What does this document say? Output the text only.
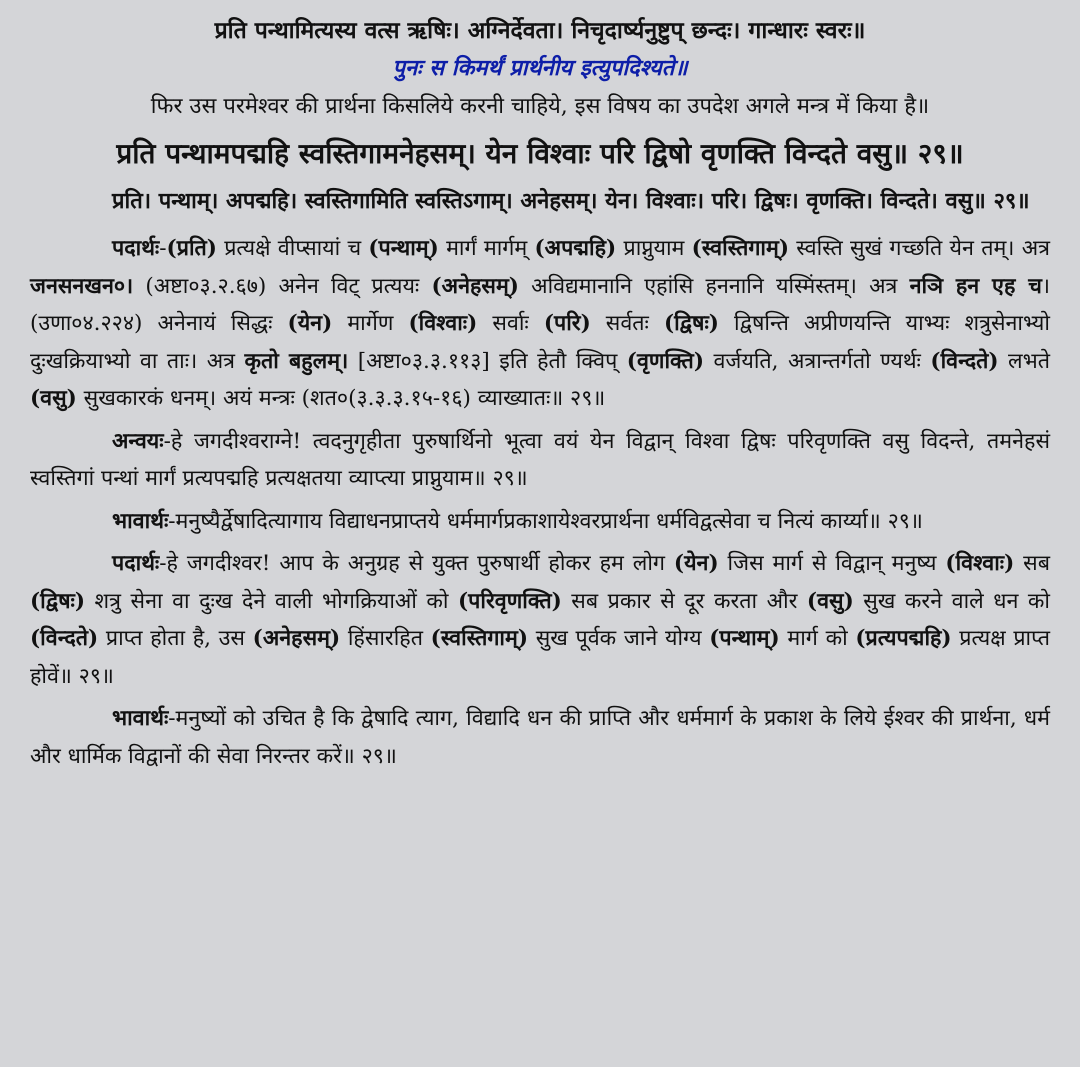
प्रति पन्थामित्यस्य वत्स ऋषिः। अग्निर्देवता। निचृदार्ष्यनुष्टुप् छन्दः। गान्धारः स्वरः॥

पुनः स किमर्थं प्रार्थनीय इत्युपदिश्यते॥

फिर उस परमेश्वर की प्रार्थना किसलिये करनी चाहिये, इस विषय का उपदेश अगले मन्त्र में किया है॥

प्रति पन्थामपद्महि स्वस्तिगामनेहसम्। येन विश्वाः परि द्विषो वृणक्ति विन्दते वसु॥ २९॥

प्रति। पन्थाम्। अपद्महि। स्वस्तिगामिति स्वस्तिऽगाम्। अनेहसम्। येन। विश्वाः। परि। द्विषः। वृणक्ति। विन्दते। वसु॥ २९॥

पदार्थः-(प्रति) प्रत्यक्षे वीप्सायां च (पन्थाम्) मार्गं मार्गम् (अपद्महि) प्राप्नुयाम (स्वस्तिगाम्) स्वस्ति सुखं गच्छति येन तम्। अत्र जनसनखन०। (अष्टा०३.२.६७) अनेन विट् प्रत्ययः (अनेहसम्) अविद्यमानानि एहांसि हननानि यस्मिंस्तम्। अत्र नञि हन एह च। (उणा०४.२२४) अनेनायं सिद्धः (येन) मार्गेण (विश्वाः) सर्वाः (परि) सर्वतः (द्विषः) द्विषन्ति अप्रीणयन्ति याभ्यः शत्रुसेनाभ्यो दुःखक्रियाभ्यो वा ताः। अत्र कृतो बहुलम्। [अष्टा०३.३.११३] इति हेतौ क्विप् (वृणक्ति) वर्जयति, अत्रान्तर्गतो ण्यर्थः (विन्दते) लभते (वसु) सुखकारकं धनम्। अयं मन्त्रः (शत०(३.३.३.१५-१६) व्याख्यातः॥ २९॥

अन्वयः-हे जगदीश्वराग्ने! त्वदनुगृहीता पुरुषार्थिनो भूत्वा वयं येन विद्वान् विश्वा द्विषः परिवृणक्ति वसु विदन्ते, तमनेहसं स्वस्तिगां पन्थां मार्गं प्रत्यपद्महि प्रत्यक्षतया व्याप्त्या प्राप्नुयाम॥ २९॥

भावार्थः-मनुष्यैर्द्वेषादित्यागाय विद्याधनप्राप्तये धर्ममार्गप्रकाशायेश्वरप्रार्थना धर्मविद्वत्सेवा च नित्यं कार्य्या॥ २९॥

पदार्थः-हे जगदीश्वर! आप के अनुग्रह से युक्त पुरुषार्थी होकर हम लोग (येन) जिस मार्ग से विद्वान् मनुष्य (विश्वाः) सब (द्विषः) शत्रु सेना वा दुःख देने वाली भोगक्रियाओं को (परिवृणक्ति) सब प्रकार से दूर करता और (वसु) सुख करने वाले धन को (विन्दते) प्राप्त होता है, उस (अनेहसम्) हिंसारहित (स्वस्तिगाम्) सुख पूर्वक जाने योग्य (पन्थाम्) मार्ग को (प्रत्यपद्महि) प्रत्यक्ष प्राप्त होवें॥ २९॥

भावार्थः-मनुष्यों को उचित है कि द्वेषादि त्याग, विद्यादि धन की प्राप्ति और धर्ममार्ग के प्रकाश के लिये ईश्वर की प्रार्थना, धर्म और धार्मिक विद्वानों की सेवा निरन्तर करें॥ २९॥
